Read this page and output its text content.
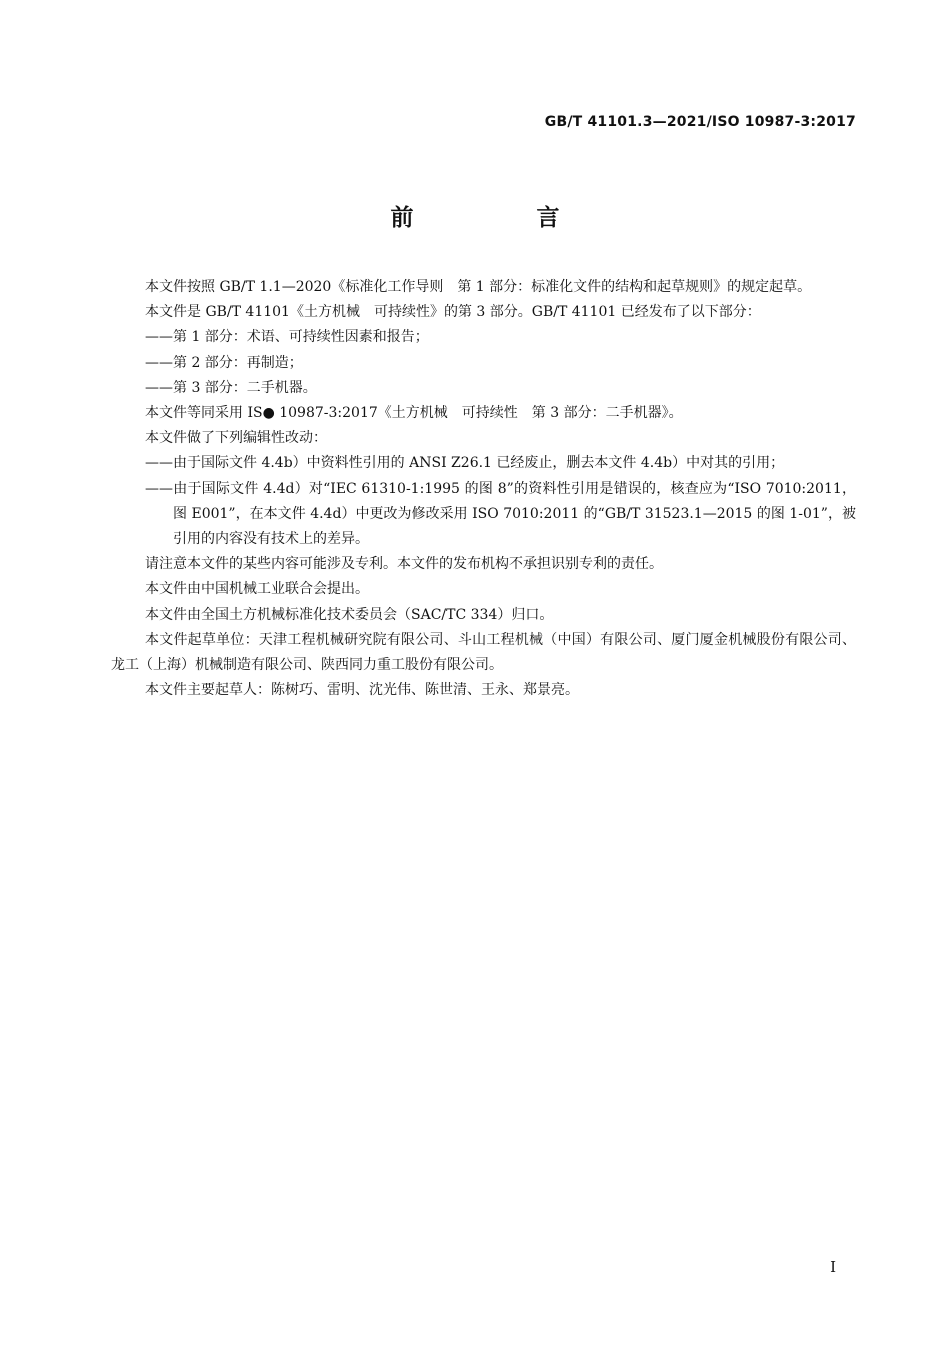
GB/T 41101.3—2021/ISO 10987-3:2017
前　言

本文件按照 GB/T 1.1—2020《标准化工作导则　第 1 部分：标准化文件的结构和起草规则》的规定起草。

本文件是 GB/T 41101《土方机械　可持续性》的第 3 部分。GB/T 41101 已经发布了以下部分：

——第 1 部分：术语、可持续性因素和报告；

——第 2 部分：再制造；

——第 3 部分：二手机器。

本文件等同采用 IS● 10987-3:2017《土方机械　可持续性　第 3 部分：二手机器》。

本文件做了下列编辑性改动：

——由于国际文件 4.4b）中资料性引用的 ANSI Z26.1 已经废止，删去本文件 4.4b）中对其的引用；

——由于国际文件 4.4d）对“IEC 61310-1:1995 的图 8”的资料性引用是错误的，核查应为“ISO 7010:2011，图 E001”，在本文件 4.4d）中更改为修改采用 ISO 7010:2011 的“GB/T 31523.1—2015 的图 1-01”，被引用的内容没有技术上的差异。

请注意本文件的某些内容可能涉及专利。本文件的发布机构不承担识别专利的责任。

本文件由中国机械工业联合会提出。

本文件由全国土方机械标准化技术委员会（SAC/TC 334）归口。

本文件起草单位：天津工程机械研究院有限公司、斗山工程机械（中国）有限公司、厦门厦金机械股份有限公司、龙工（上海）机械制造有限公司、陕西同力重工股份有限公司。

本文件主要起草人：陈树巧、雷明、沈光伟、陈世清、王永、郑景亮。

I
